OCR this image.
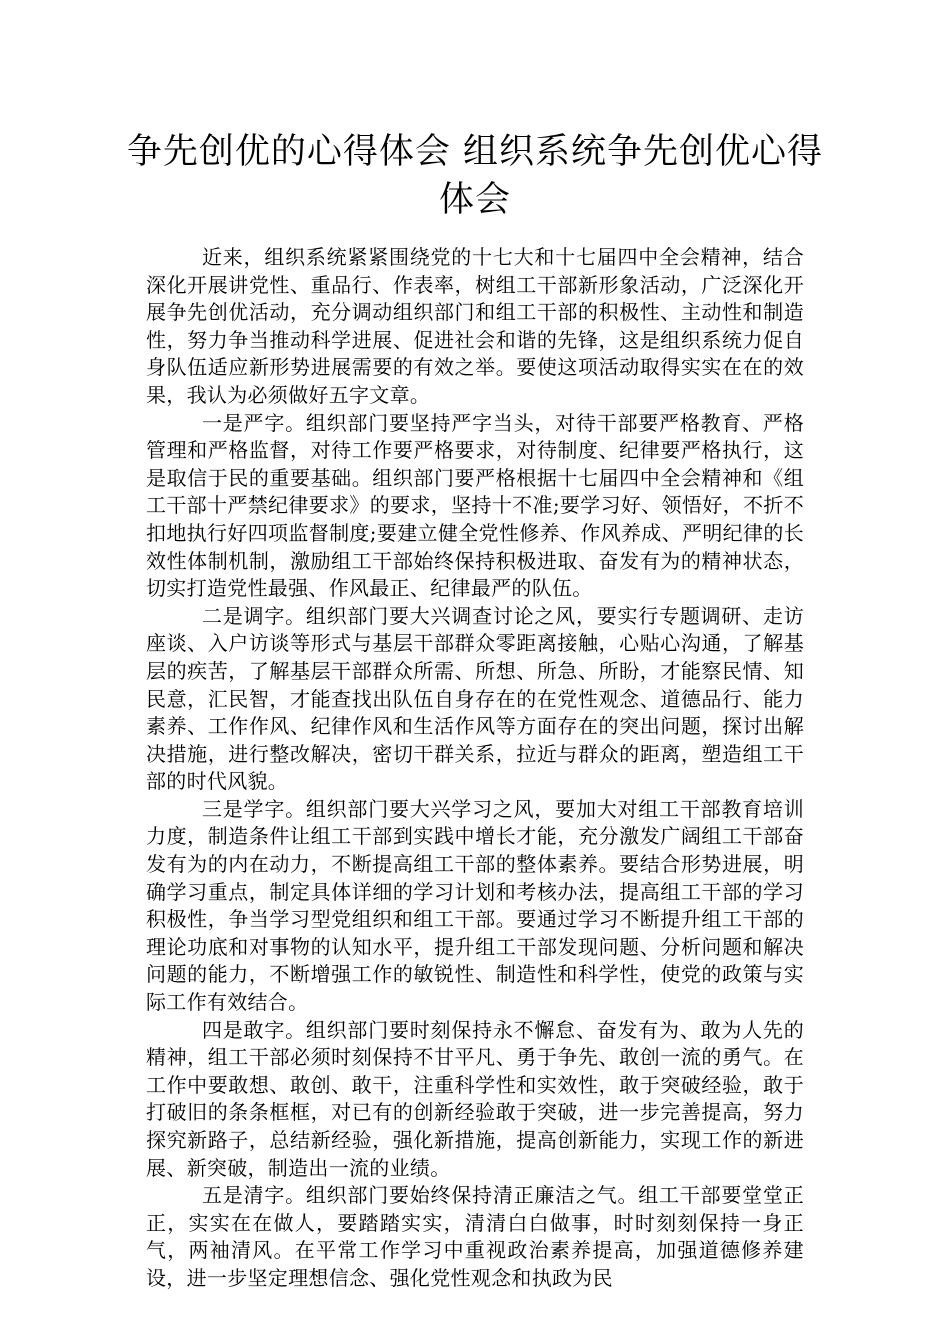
争先创优的心得体会 组织系统争先创优心得体会

近来，组织系统紧紧围绕党的十七大和十七届四中全会精神，结合深化开展讲党性、重品行、作表率，树组工干部新形象活动，广泛深化开展争先创优活动，充分调动组织部门和组工干部的积极性、主动性和制造性，努力争当推动科学进展、促进社会和谐的先锋，这是组织系统力促自身队伍适应新形势进展需要的有效之举。要使这项活动取得实实在在的效果，我认为必须做好五字文章。

一是严字。组织部门要坚持严字当头，对待干部要严格教育、严格管理和严格监督，对待工作要严格要求，对待制度、纪律要严格执行，这是取信于民的重要基础。组织部门要严格根据十七届四中全会精神和《组工干部十严禁纪律要求》的要求，坚持十不准;要学习好、领悟好，不折不扣地执行好四项监督制度;要建立健全党性修养、作风养成、严明纪律的长效性体制机制，激励组工干部始终保持积极进取、奋发有为的精神状态，切实打造党性最强、作风最正、纪律最严的队伍。

二是调字。组织部门要大兴调查讨论之风，要实行专题调研、走访座谈、入户访谈等形式与基层干部群众零距离接触，心贴心沟通，了解基层的疾苦，了解基层干部群众所需、所想、所急、所盼，才能察民情、知民意，汇民智，才能查找出队伍自身存在的在党性观念、道德品行、能力素养、工作作风、纪律作风和生活作风等方面存在的突出问题，探讨出解决措施，进行整改解决，密切干群关系，拉近与群众的距离，塑造组工干部的时代风貌。

三是学字。组织部门要大兴学习之风，要加大对组工干部教育培训力度，制造条件让组工干部到实践中增长才能，充分激发广阔组工干部奋发有为的内在动力，不断提高组工干部的整体素养。要结合形势进展，明确学习重点，制定具体详细的学习计划和考核办法，提高组工干部的学习积极性，争当学习型党组织和组工干部。要通过学习不断提升组工干部的理论功底和对事物的认知水平，提升组工干部发现问题、分析问题和解决问题的能力，不断增强工作的敏锐性、制造性和科学性，使党的政策与实际工作有效结合。

四是敢字。组织部门要时刻保持永不懈怠、奋发有为、敢为人先的精神，组工干部必须时刻保持不甘平凡、勇于争先、敢创一流的勇气。在工作中要敢想、敢创、敢干，注重科学性和实效性，敢于突破经验，敢于打破旧的条条框框，对已有的创新经验敢于突破，进一步完善提高，努力探究新路子，总结新经验，强化新措施，提高创新能力，实现工作的新进展、新突破，制造出一流的业绩。

五是清字。组织部门要始终保持清正廉洁之气。组工干部要堂堂正正，实实在在做人，要踏踏实实，清清白白做事，时时刻刻保持一身正气，两袖清风。在平常工作学习中重视政治素养提高，加强道德修养建设，进一步坚定理想信念、强化党性观念和执政为民
